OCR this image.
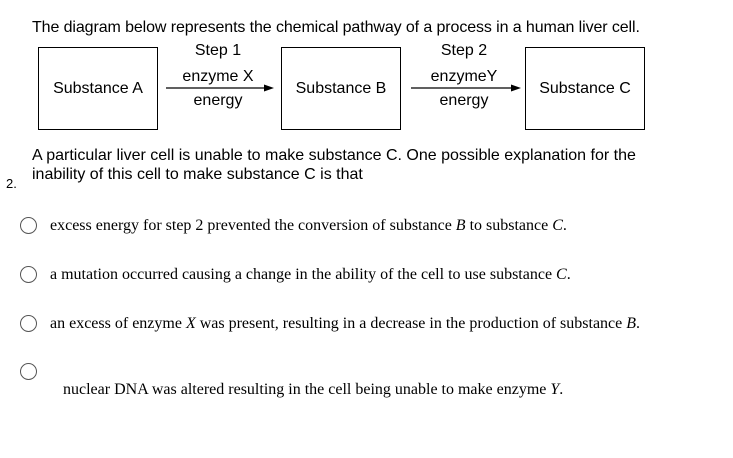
2.
The diagram below represents the chemical pathway of a process in a human liver cell.
Substance A	Substance B	Substance C
Step 1	Step 2
enzyme X	enzymeY
energy	energy
A particular liver cell is unable to make substance C. One possible explanation for the
inability of this cell to make substance C is that
excess energy for step 2 prevented the conversion of substance B to substance C.
a mutation occurred causing a change in the ability of the cell to use substance C.
an excess of enzyme X was present, resulting in a decrease in the production of substance B.
nuclear DNA was altered resulting in the cell being unable to make enzyme Y.
